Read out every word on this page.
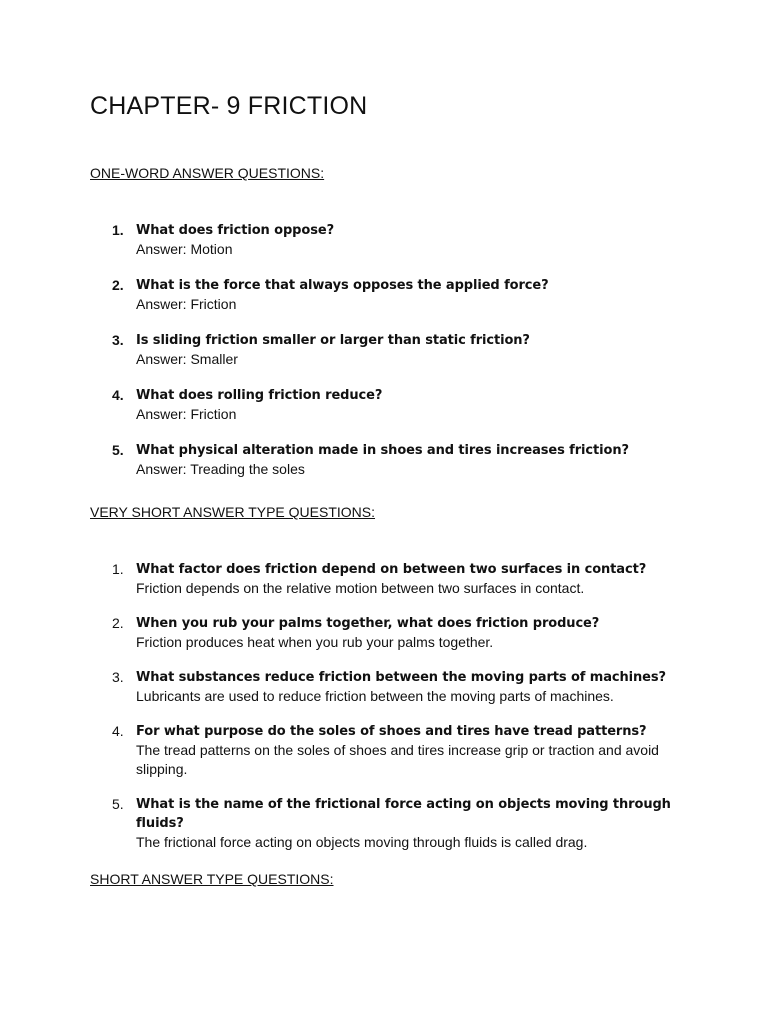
CHAPTER- 9 FRICTION

ONE-WORD ANSWER QUESTIONS:

1. What does friction oppose?
Answer: Motion
2. What is the force that always opposes the applied force?
Answer: Friction
3. Is sliding friction smaller or larger than static friction?
Answer: Smaller
4. What does rolling friction reduce?
Answer: Friction
5. What physical alteration made in shoes and tires increases friction?
Answer: Treading the soles

VERY SHORT ANSWER TYPE QUESTIONS:

1. What factor does friction depend on between two surfaces in contact?
Friction depends on the relative motion between two surfaces in contact.
2. When you rub your palms together, what does friction produce?
Friction produces heat when you rub your palms together.
3. What substances reduce friction between the moving parts of machines?
Lubricants are used to reduce friction between the moving parts of machines.
4. For what purpose do the soles of shoes and tires have tread patterns?
The tread patterns on the soles of shoes and tires increase grip or traction and avoid slipping.
5. What is the name of the frictional force acting on objects moving through fluids?
The frictional force acting on objects moving through fluids is called drag.

SHORT ANSWER TYPE QUESTIONS:
